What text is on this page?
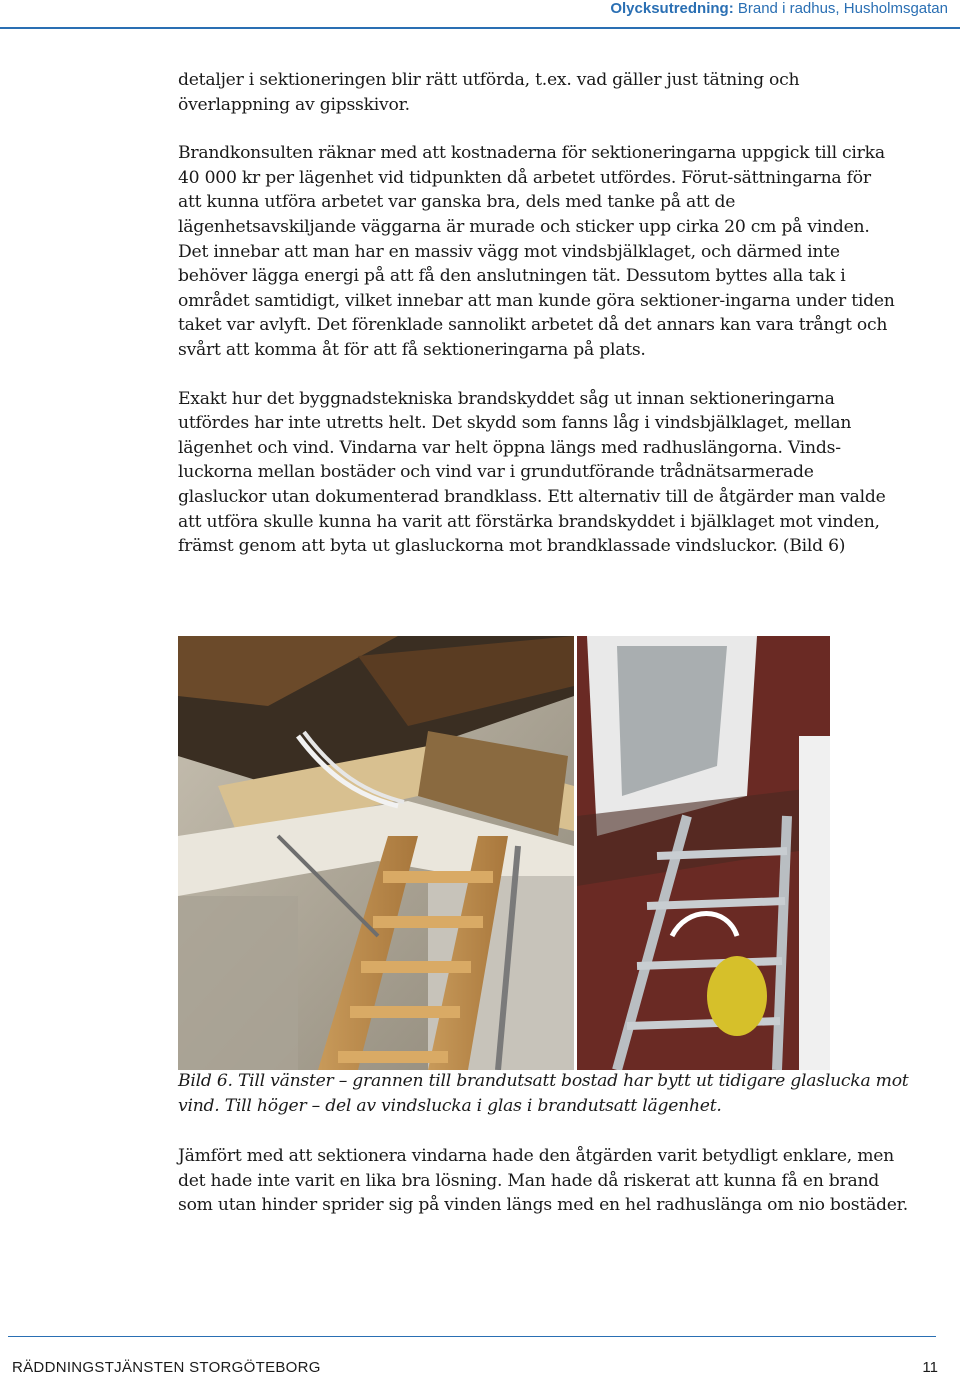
Olycksutredning: Brand i radhus, Husholmsgatan

detaljer i sektioneringen blir rätt utförda, t.ex. vad gäller just tätning och överlappning av gipsskivor.

Brandkonsulten räknar med att kostnaderna för sektioneringarna uppgick till cirka 40 000 kr per lägenhet vid tidpunkten då arbetet utfördes. Förut-sättningarna för att kunna utföra arbetet var ganska bra, dels med tanke på att de lägenhetsavskiljande väggarna är murade och sticker upp cirka 20 cm på vinden. Det innebar att man har en massiv vägg mot vindsbjälklaget, och därmed inte behöver lägga energi på att få den anslutningen tät. Dessutom byttes alla tak i området samtidigt, vilket innebar att man kunde göra sektioner-ingarna under tiden taket var avlyft. Det förenklade sannolikt arbetet då det annars kan vara trångt och svårt att komma åt för att få sektioneringarna på plats.

Exakt hur det byggnadstekniska brandskyddet såg ut innan sektioneringarna utfördes har inte utretts helt. Det skydd som fanns låg i vindsbjälklaget, mellan lägenhet och vind. Vindarna var helt öppna längs med radhuslängorna. Vinds-luckorna mellan bostäder och vind var i grundutförande trådnätsarmerade glasluckor utan dokumenterad brandklass. Ett alternativ till de åtgärder man valde att utföra skulle kunna ha varit att förstärka brandskyddet i bjälklaget mot vinden, främst genom att byta ut glasluckorna mot brandklassade vindsluckor. (Bild 6)

Bild 6. Till vänster – grannen till brandutsatt bostad har bytt ut tidigare glaslucka mot vind. Till höger – del av vindslucka i glas i brandutsatt lägenhet.

Jämfört med att sektionera vindarna hade den åtgärden varit betydligt enklare, men det hade inte varit en lika bra lösning. Man hade då riskerat att kunna få en brand som utan hinder sprider sig på vinden längs med en hel radhuslänga om nio bostäder.

RÄDDNINGSTJÄNSTEN STORGÖTEBORG	11
